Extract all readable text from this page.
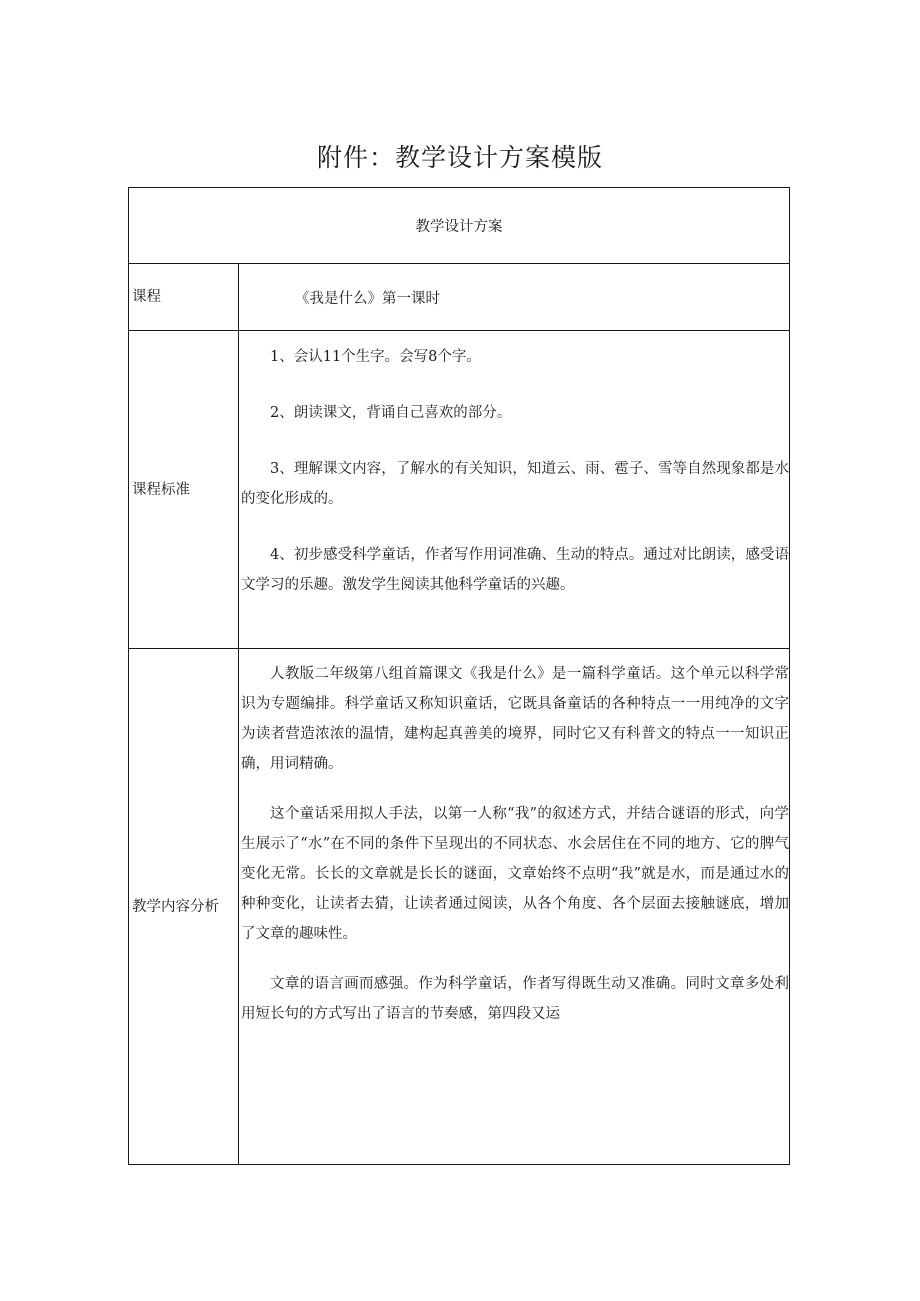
附件：教学设计方案模版
教学设计方案	

课程	《我是什么》第一课时

课程标准	1、会认11个生字。会写8个字。

2、朗读课文，背诵自己喜欢的部分。

3、理解课文内容，了解水的有关知识，知道云、雨、雹子、雪等自然现象都是水的变化形成的。

4、初步感受科学童话，作者写作用词准确、生动的特点。通过对比朗读，感受语文学习的乐趣。激发学生阅读其他科学童话的兴趣。

教学内容分析	人教版二年级第八组首篇课文《我是什么》是一篇科学童话。这个单元以科学常识为专题编排。科学童话又称知识童话，它既具备童话的各种特点一一用纯净的文字为读者营造浓浓的温情，建构起真善美的境界，同时它又有科普文的特点一一知识正确，用词精确。

这个童话采用拟人手法，以第一人称“我”的叙述方式，并结合谜语的形式，向学生展示了“水”在不同的条件下呈现出的不同状态、水会居住在不同的地方、它的脾气变化无常。长长的文章就是长长的谜面，文章始终不点明“我”就是水，而是通过水的种种变化，让读者去猜，让读者通过阅读，从各个角度、各个层面去接触谜底，增加了文章的趣味性。

文章的语言画而感强。作为科学童话，作者写得既生动又准确。同时文章多处利用短长句的方式写出了语言的节奏感，第四段又运
